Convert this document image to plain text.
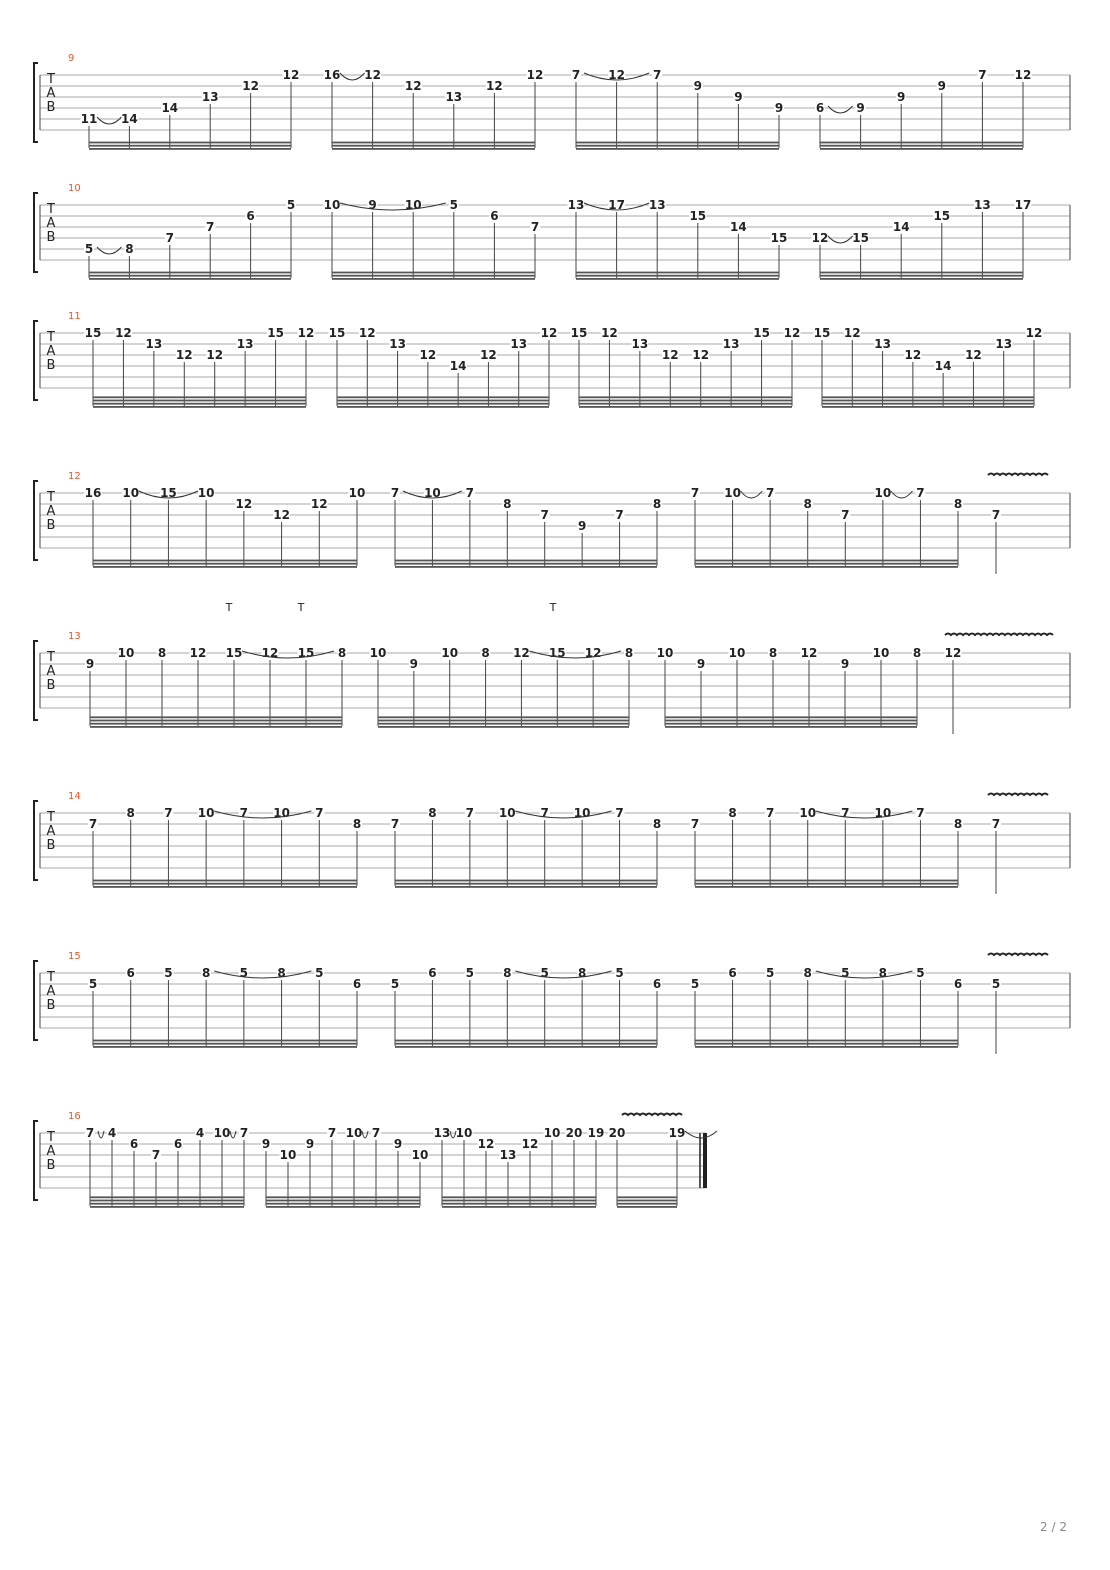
T
A
B
9
11 14
14
13
12
12 16 12
12
13
12
12 7 12 7
9
9
9	6	9
9
9
7 12
T
A
B
10
5	8
7
7
6
5 10 9 10 5
6
7
13 17 13
15
14
15 12 15
14
15
13 17
T
A
B
11
15 12
13
12 12
13
15 12 15 12
13
12
14
12
13
12 15 12
13
12 12
13
15 12 15 12
13
12
14
12
13
12
T
A
B
12
16 10 15 10
12
12
12
10 7 10 7
8
7
9
7
8
7 10 7
8
7
10 7
8
7
T
A
B
13
T	T	T
9
10 8 12 15 12 15 8 10
9
10 8 12 15 12 8 10
9
10 8 12
9
10 8 12
T
A
B
14
7
8 7 10 7 10 7
8 7
8 7 10 7 10 7
8 7
8 7 10 7 10 7
8 7
T
A
B
15
5
6 5 8 5 8 5
6 5
6 5 8 5 8 5
6 5
6 5 8 5 8 5
6 5
T
A
B
16
7 4
6
7
6
4 10 7
9
10
9
7 10 7
9
10
13 10
12
13
12
10 20 19 20	19
2 / 2
